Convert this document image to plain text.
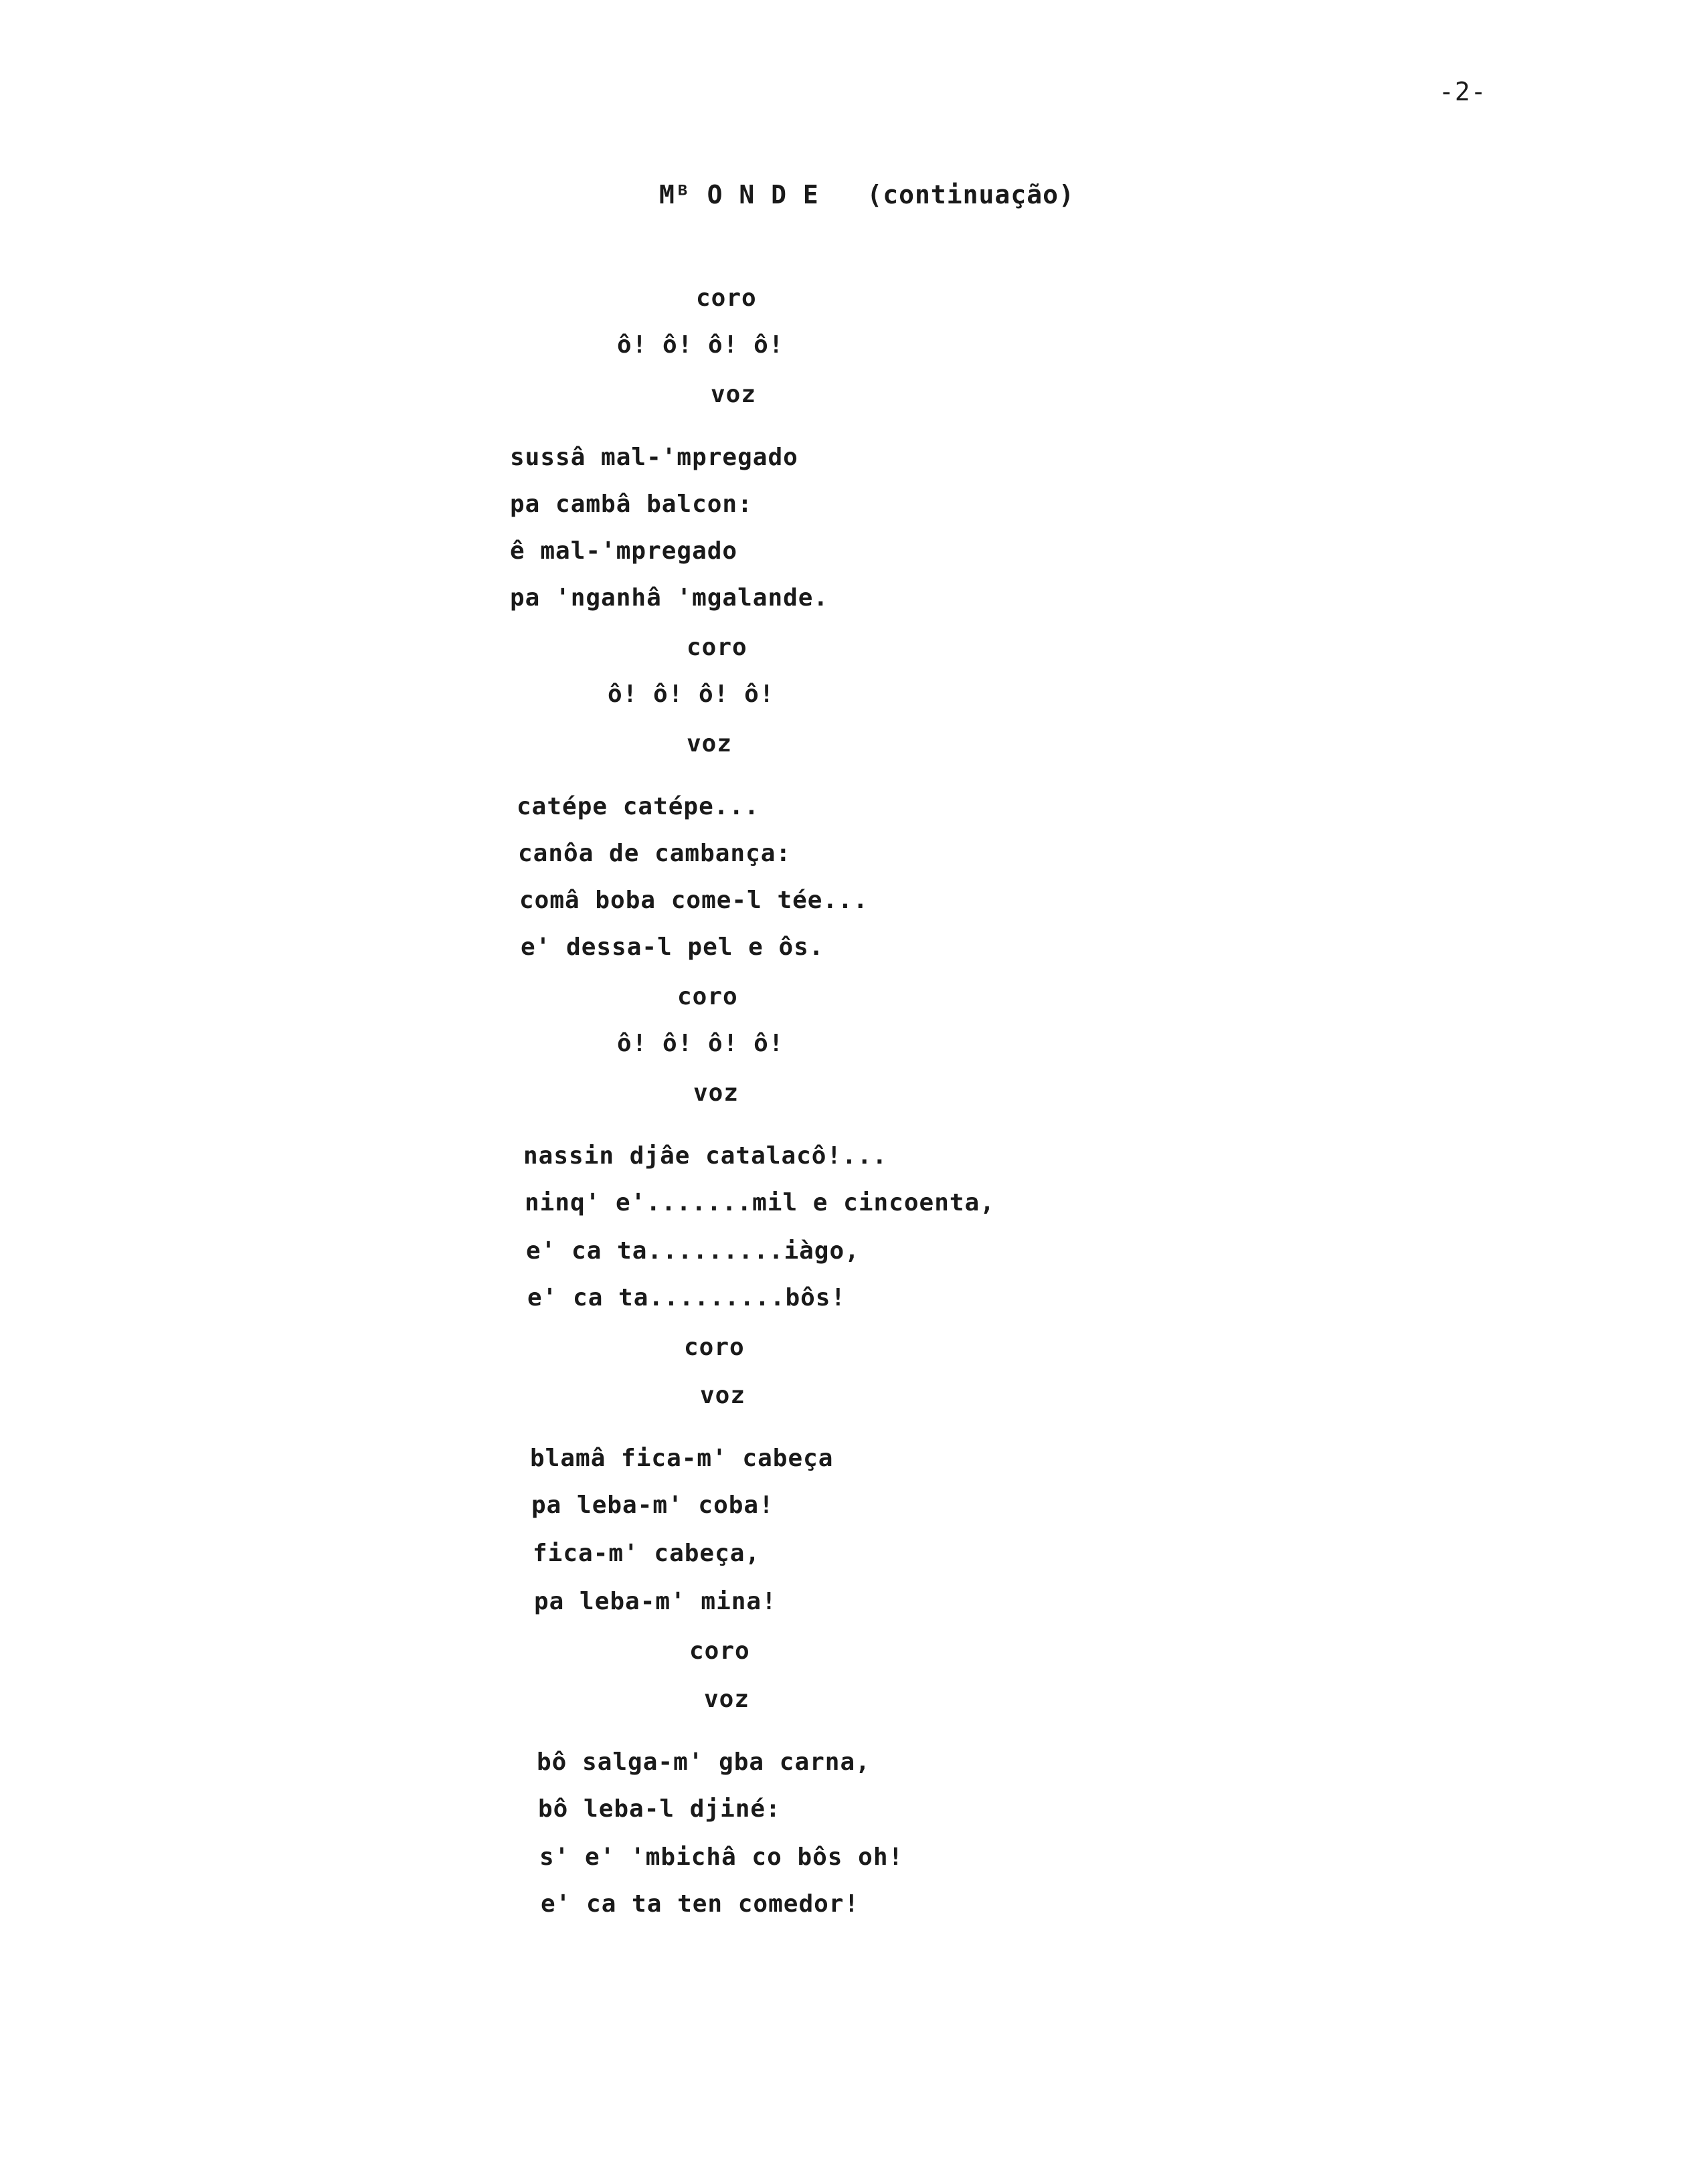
-2-
Mᴮ O N D E   (continuação)
coro
ô! ô! ô! ô!
voz
sussâ mal-'mpregado
pa cambâ balcon:
ê mal-'mpregado
pa 'nganhâ 'mgalande.
coro
ô! ô! ô! ô!
voz
catépe catépe...
canôa de cambança:
comâ boba come-l tée...
e' dessa-l pel e ôs.
coro
ô! ô! ô! ô!
voz
nassin djâe catalacô!...
ninq' e'.......mil e cincoenta,
e' ca ta.........iàgo,
e' ca ta.........bôs!
coro
voz
blamâ fica-m' cabeça
pa leba-m' coba!
fica-m' cabeça,
pa leba-m' mina!
coro
voz
bô salga-m' gba carna,
bô leba-l djiné:
s' e' 'mbichâ co bôs oh!
e' ca ta ten comedor!
